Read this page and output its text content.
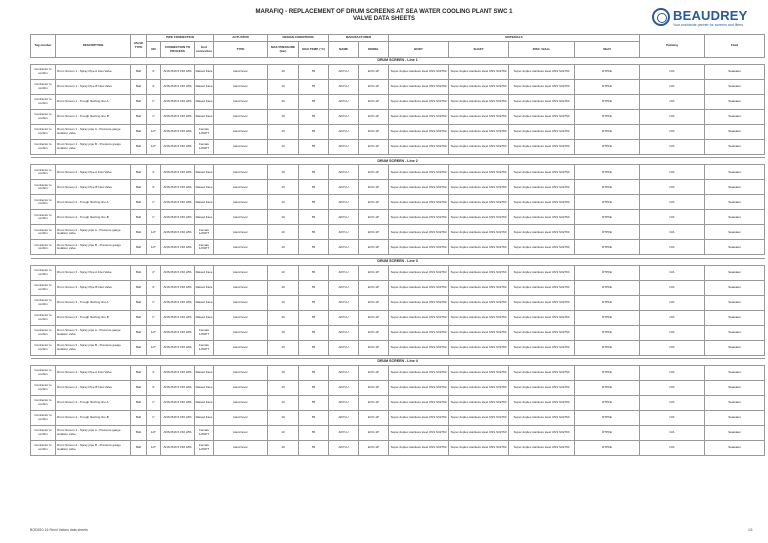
MARAFIQ - REPLACEMENT OF DRUM SCREENS AT SEA WATER COOLING PLANT SWC 1
VALVE DATA SHEETS	BEAUDREY
Your worldwide partner for screens and filters
Tag number	DESCRIPTION	VALVE TYPE	PIPE CONNECTION			ACTUATOR	DESIGN CONDITIONS		MANUFACTURER		MATERIALS				Painting	Fluid
			DN	CONNECTION TO PROCESS	End connection	TYPE	MAX PRESSURE (bar)	MAX TEMP. (°C)	NAME	MODEL	BODY	SHAFT	DISC / BALL	SEAT		
DRUM SCREEN - Line 1																
Contractor to confirm	Drum Screen 1 - Spray Pipe A Inlet Valve	Ball	4"	ANSI B16.5 150 LBS	Raised Face	Hand lever	10	55	ARYLU	EVO-1P	Super duplex stainless steel UNS S32760	Super duplex stainless steel UNS S32760	Super duplex stainless steel UNS S32760	RTPFE	N/A	Seawater
Contractor to confirm	Drum Screen 1 - Spray Pipe B Inlet Valve	Ball	4"	ANSI B16.5 150 LBS	Raised Face	Hand lever	10	55	ARYLU	EVO-1P	Super duplex stainless steel UNS S32760	Super duplex stainless steel UNS S32760	Super duplex stainless steel UNS S32760	RTPFE	N/A	Seawater
Contractor to confirm	Drum Screen 1 - Trough flushing line A	Ball	1"	ANSI B16.5 150 LBS	Raised Face	Hand lever	10	55	ARYLU	EVO-1P	Super duplex stainless steel UNS S32760	Super duplex stainless steel UNS S32760	Super duplex stainless steel UNS S32760	RTPFE	N/A	Seawater
Contractor to confirm	Drum Screen 1 - Trough flushing line B	Ball	1"	ANSI B16.5 150 LBS	Raised Face	Hand lever	10	55	ARYLU	EVO-1P	Super duplex stainless steel UNS S32760	Super duplex stainless steel UNS S32760	Super duplex stainless steel UNS S32760	RTPFE	N/A	Seawater
Contractor to confirm	Drum Screen 1 - Spray pipe A - Pressure gauge isolation valve	Ball	1/2"	ANSI B16.5 150 LBS	Female 1/2NPT	Hand lever	10	55	ARYLU	EVO-1P	Super duplex stainless steel UNS S32760	Super duplex stainless steel UNS S32760	Super duplex stainless steel UNS S32760	RTPFE	N/A	Seawater
Contractor to confirm	Drum Screen 1 - Spray pipe B - Pressure gauge isolation valve	Ball	1/2"	ANSI B16.5 150 LBS	Female 1/2NPT	Hand lever	10	55	ARYLU	EVO-1P	Super duplex stainless steel UNS S32760	Super duplex stainless steel UNS S32760	Super duplex stainless steel UNS S32760	RTPFE	N/A	Seawater

DRUM SCREEN - Line 2																
Contractor to confirm	Drum Screen 2 - Spray Pipe A Inlet Valve	Ball	4"	ANSI B16.5 150 LBS	Raised Face	Hand lever	10	55	ARYLU	EVO-1P	Super duplex stainless steel UNS S32760	Super duplex stainless steel UNS S32760	Super duplex stainless steel UNS S32760	RTPFE	N/A	Seawater
Contractor to confirm	Drum Screen 2 - Spray Pipe B Inlet Valve	Ball	4"	ANSI B16.5 150 LBS	Raised Face	Hand lever	10	55	ARYLU	EVO-1P	Super duplex stainless steel UNS S32760	Super duplex stainless steel UNS S32760	Super duplex stainless steel UNS S32760	RTPFE	N/A	Seawater
Contractor to confirm	Drum Screen 2 - Trough flushing line A	Ball	1"	ANSI B16.5 150 LBS	Raised Face	Hand lever	10	55	ARYLU	EVO-1P	Super duplex stainless steel UNS S32760	Super duplex stainless steel UNS S32760	Super duplex stainless steel UNS S32760	RTPFE	N/A	Seawater
Contractor to confirm	Drum Screen 2 - Trough flushing line B	Ball	1"	ANSI B16.5 150 LBS	Raised Face	Hand lever	10	55	ARYLU	EVO-1P	Super duplex stainless steel UNS S32760	Super duplex stainless steel UNS S32760	Super duplex stainless steel UNS S32760	RTPFE	N/A	Seawater
Contractor to confirm	Drum Screen 2 - Spray pipe A - Pressure gauge isolation valve	Ball	1/2"	ANSI B16.5 150 LBS	Female 1/2NPT	Hand lever	10	55	ARYLU	EVO-1P	Super duplex stainless steel UNS S32760	Super duplex stainless steel UNS S32760	Super duplex stainless steel UNS S32760	RTPFE	N/A	Seawater
Contractor to confirm	Drum Screen 2 - Spray pipe B - Pressure gauge isolation valve	Ball	1/2"	ANSI B16.5 150 LBS	Female 1/2NPT	Hand lever	10	55	ARYLU	EVO-1P	Super duplex stainless steel UNS S32760	Super duplex stainless steel UNS S32760	Super duplex stainless steel UNS S32760	RTPFE	N/A	Seawater

DRUM SCREEN - Line 3																
Contractor to confirm	Drum Screen 3 - Spray Pipe A Inlet Valve	Ball	4"	ANSI B16.5 150 LBS	Raised Face	Hand lever	10	55	ARYLU	EVO-1P	Super duplex stainless steel UNS S32760	Super duplex stainless steel UNS S32760	Super duplex stainless steel UNS S32760	RTPFE	N/A	Seawater
Contractor to confirm	Drum Screen 3 - Spray Pipe B Inlet Valve	Ball	4"	ANSI B16.5 150 LBS	Raised Face	Hand lever	10	55	ARYLU	EVO-1P	Super duplex stainless steel UNS S32760	Super duplex stainless steel UNS S32760	Super duplex stainless steel UNS S32760	RTPFE	N/A	Seawater
Contractor to confirm	Drum Screen 3 - Trough flushing line A	Ball	1"	ANSI B16.5 150 LBS	Raised Face	Hand lever	10	55	ARYLU	EVO-1P	Super duplex stainless steel UNS S32760	Super duplex stainless steel UNS S32760	Super duplex stainless steel UNS S32760	RTPFE	N/A	Seawater
Contractor to confirm	Drum Screen 3 - Trough flushing line B	Ball	1"	ANSI B16.5 150 LBS	Raised Face	Hand lever	10	55	ARYLU	EVO-1P	Super duplex stainless steel UNS S32760	Super duplex stainless steel UNS S32760	Super duplex stainless steel UNS S32760	RTPFE	N/A	Seawater
Contractor to confirm	Drum Screen 3 - Spray pipe A - Pressure gauge isolation valve	Ball	1/2"	ANSI B16.5 150 LBS	Female 1/2NPT	Hand lever	10	55	ARYLU	EVO-1P	Super duplex stainless steel UNS S32760	Super duplex stainless steel UNS S32760	Super duplex stainless steel UNS S32760	RTPFE	N/A	Seawater
Contractor to confirm	Drum Screen 3 - Spray pipe B - Pressure gauge isolation valve	Ball	1/2"	ANSI B16.5 150 LBS	Female 1/2NPT	Hand lever	10	55	ARYLU	EVO-1P	Super duplex stainless steel UNS S32760	Super duplex stainless steel UNS S32760	Super duplex stainless steel UNS S32760	RTPFE	N/A	Seawater

DRUM SCREEN - Line 4																
Contractor to confirm	Drum Screen 4 - Spray Pipe A Inlet Valve	Ball	4"	ANSI B16.5 150 LBS	Raised Face	Hand lever	10	55	ARYLU	EVO-1P	Super duplex stainless steel UNS S32760	Super duplex stainless steel UNS S32760	Super duplex stainless steel UNS S32760	RTPFE	N/A	Seawater
Contractor to confirm	Drum Screen 4 - Spray Pipe B Inlet Valve	Ball	4"	ANSI B16.5 150 LBS	Raised Face	Hand lever	10	55	ARYLU	EVO-1P	Super duplex stainless steel UNS S32760	Super duplex stainless steel UNS S32760	Super duplex stainless steel UNS S32760	RTPFE	N/A	Seawater
Contractor to confirm	Drum Screen 4 - Trough flushing line A	Ball	1"	ANSI B16.5 150 LBS	Raised Face	Hand lever	10	55	ARYLU	EVO-1P	Super duplex stainless steel UNS S32760	Super duplex stainless steel UNS S32760	Super duplex stainless steel UNS S32760	RTPFE	N/A	Seawater
Contractor to confirm	Drum Screen 4 - Trough flushing line B	Ball	1"	ANSI B16.5 150 LBS	Raised Face	Hand lever	10	55	ARYLU	EVO-1P	Super duplex stainless steel UNS S32760	Super duplex stainless steel UNS S32760	Super duplex stainless steel UNS S32760	RTPFE	N/A	Seawater
Contractor to confirm	Drum Screen 4 - Spray pipe A - Pressure gauge isolation valve	Ball	1/2"	ANSI B16.5 150 LBS	Female 1/2NPT	Hand lever	10	55	ARYLU	EVO-1P	Super duplex stainless steel UNS S32760	Super duplex stainless steel UNS S32760	Super duplex stainless steel UNS S32760	RTPFE	N/A	Seawater
Contractor to confirm	Drum Screen 4 - Spray pipe B - Pressure gauge isolation valve	Ball	1/2"	ANSI B16.5 150 LBS	Female 1/2NPT	Hand lever	10	55	ARYLU	EVO-1P	Super duplex stainless steel UNS S32760	Super duplex stainless steel UNS S32760	Super duplex stainless steel UNS S32760	RTPFE	N/A	Seawater
BOD810-16 Revd Valves data sheets	1/1
